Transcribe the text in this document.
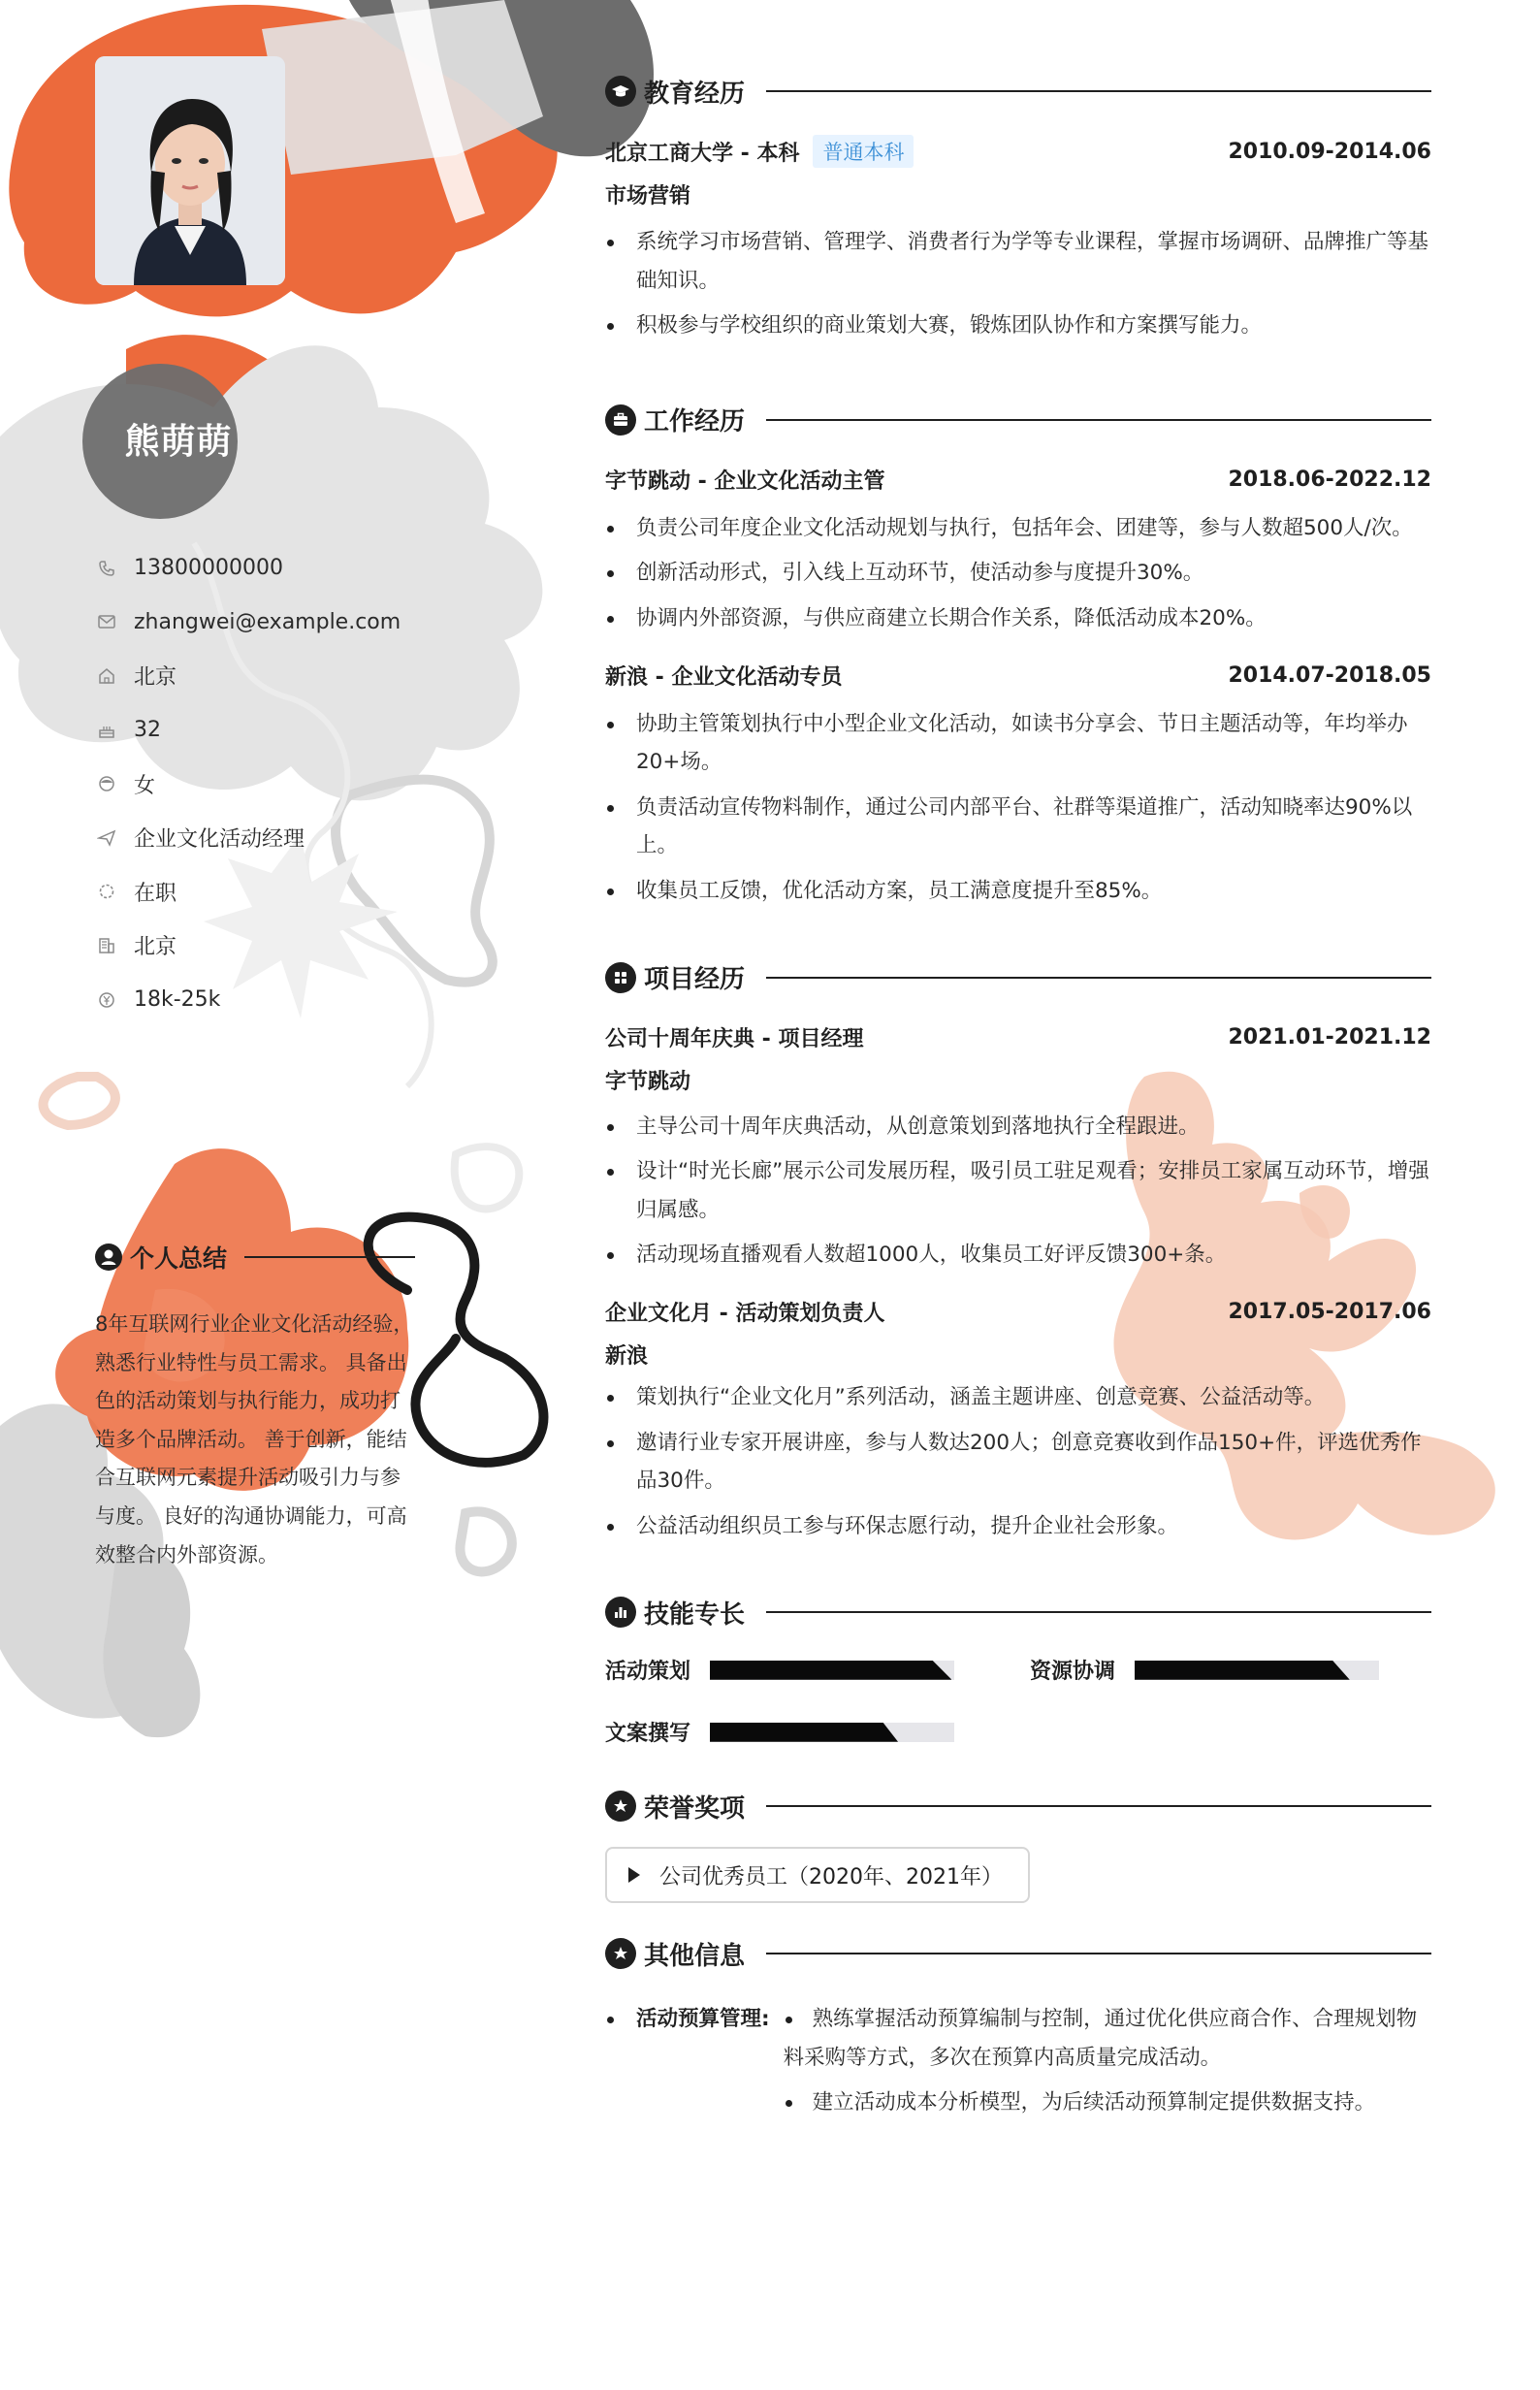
熊萌萌
13800000000
zhangwei@example.com
北京
32
女
企业文化活动经理
在职
北京
18k-25k
个人总结
8年互联网行业企业文化活动经验，熟悉行业特性与员工需求。 具备出色的活动策划与执行能力，成功打造多个品牌活动。 善于创新，能结合互联网元素提升活动吸引力与参与度。 良好的沟通协调能力，可高效整合内外部资源。
教育经历
北京工商大学 - 本科	普通本科	2010.09-2014.06
市场营销
系统学习市场营销、管理学、消费者行为学等专业课程，掌握市场调研、品牌推广等基础知识。
积极参与学校组织的商业策划大赛，锻炼团队协作和方案撰写能力。
工作经历
字节跳动 - 企业文化活动主管	2018.06-2022.12
负责公司年度企业文化活动规划与执行，包括年会、团建等，参与人数超500人/次。
创新活动形式，引入线上互动环节，使活动参与度提升30%。
协调内外部资源，与供应商建立长期合作关系，降低活动成本20%。
新浪 - 企业文化活动专员	2014.07-2018.05
协助主管策划执行中小型企业文化活动，如读书分享会、节日主题活动等，年均举办20+场。
负责活动宣传物料制作，通过公司内部平台、社群等渠道推广，活动知晓率达90%以上。
收集员工反馈，优化活动方案，员工满意度提升至85%。
项目经历
公司十周年庆典 - 项目经理	2021.01-2021.12
字节跳动
主导公司十周年庆典活动，从创意策划到落地执行全程跟进。
设计“时光长廊”展示公司发展历程，吸引员工驻足观看；安排员工家属互动环节，增强归属感。
活动现场直播观看人数超1000人，收集员工好评反馈300+条。
企业文化月 - 活动策划负责人	2017.05-2017.06
新浪
策划执行“企业文化月”系列活动，涵盖主题讲座、创意竞赛、公益活动等。
邀请行业专家开展讲座，参与人数达200人；创意竞赛收到作品150+件，评选优秀作品30件。
公益活动组织员工参与环保志愿行动，提升企业社会形象。
技能专长
活动策划	资源协调
文案撰写
荣誉奖项
公司优秀员工（2020年、2021年）
其他信息
活动预算管理:	熟练掌握活动预算编制与控制，通过优化供应商合作、合理规划物料采购等方式，多次在预算内高质量完成活动。
建立活动成本分析模型，为后续活动预算制定提供数据支持。
